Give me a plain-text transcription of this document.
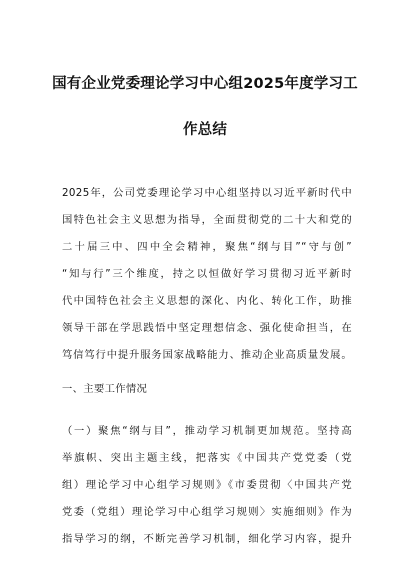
国有企业党委理论学习中心组2025年度学习工
作总结
2025年，公司党委理论学习中心组坚持以习近平新时代中
国特色社会主义思想为指导，全面贯彻党的二十大和党的
二十届三中、四中全会精神，聚焦“纲与目”“守与创”
“知与行”三个维度，持之以恒做好学习贯彻习近平新时
代中国特色社会主义思想的深化、内化、转化工作，助推
领导干部在学思践悟中坚定理想信念、强化使命担当，在
笃信笃行中提升服务国家战略能力、推动企业高质量发展。
一、主要工作情况
（一）聚焦“纲与目”，推动学习机制更加规范。坚持高
举旗帜、突出主题主线，把落实《中国共产党党委（党
组）理论学习中心组学习规则》《市委贯彻〈中国共产党
党委（党组）理论学习中心组学习规则〉实施细则》作为
指导学习的纲，不断完善学习机制，细化学习内容，提升
